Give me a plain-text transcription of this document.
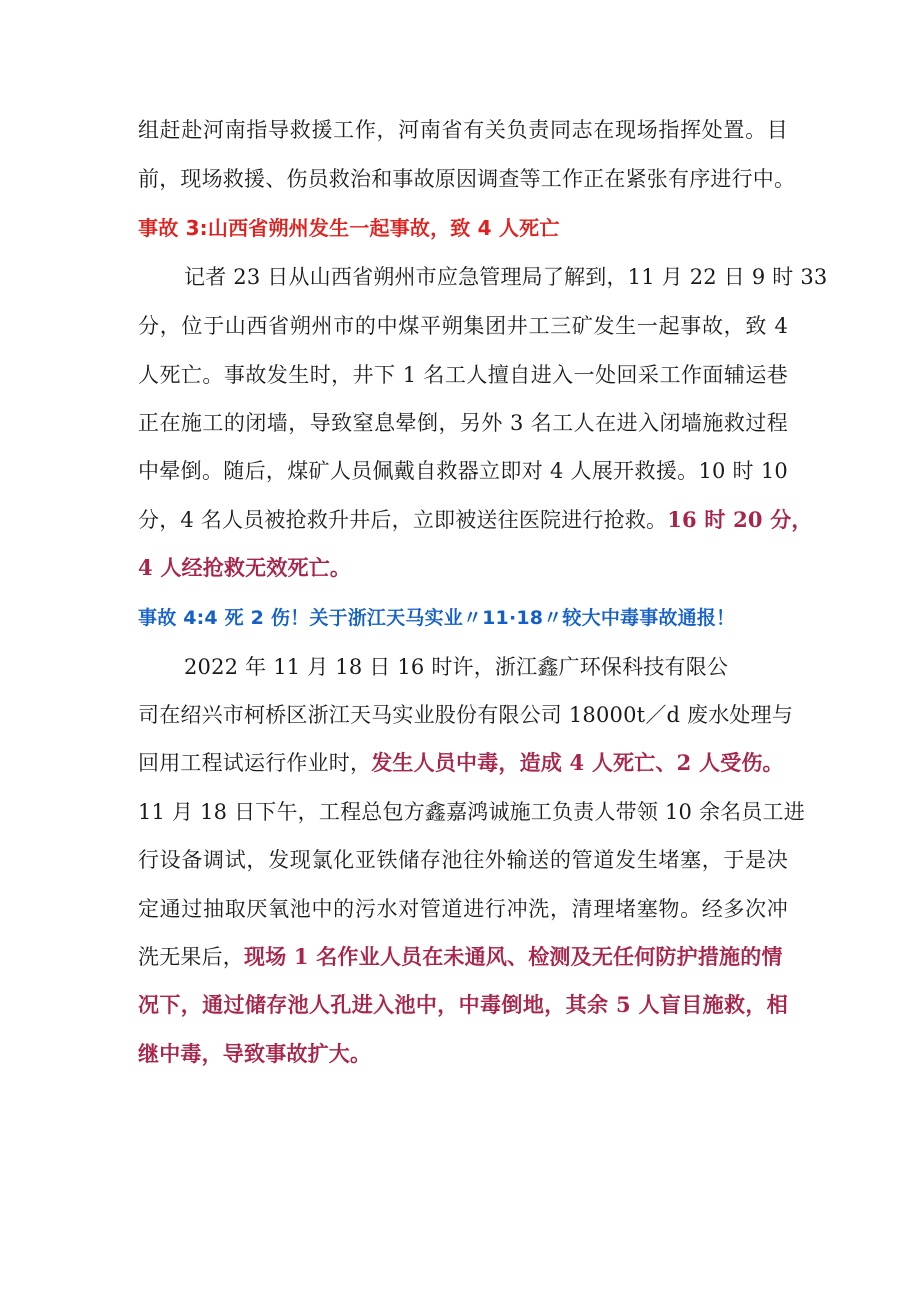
组赶赴河南指导救援工作，河南省有关负责同志在现场指挥处置。目
前，现场救援、伤员救治和事故原因调查等工作正在紧张有序进行中。
事故 3:山西省朔州发生一起事故，致 4 人死亡
记者 23 日从山西省朔州市应急管理局了解到，11 月 22 日 9 时 33
分，位于山西省朔州市的中煤平朔集团井工三矿发生一起事故，致 4
人死亡。事故发生时，井下 1 名工人擅自进入一处回采工作面辅运巷
正在施工的闭墙，导致窒息晕倒，另外 3 名工人在进入闭墙施救过程
中晕倒。随后，煤矿人员佩戴自救器立即对 4 人展开救援。10 时 10
分，4 名人员被抢救升井后，立即被送往医院进行抢救。16 时 20 分，
4 人经抢救无效死亡。
事故 4:4 死 2 伤！关于浙江天马实业〃11·18〃较大中毒事故通报！
2022 年 11 月 18 日 16 时许，浙江鑫广环保科技有限公
司在绍兴市柯桥区浙江天马实业股份有限公司 18000t／d 废水处理与
回用工程试运行作业时，发生人员中毒，造成 4 人死亡、2 人受伤。
11 月 18 日下午，工程总包方鑫嘉鸿诚施工负责人带领 10 余名员工进
行设备调试，发现氯化亚铁储存池往外输送的管道发生堵塞，于是决
定通过抽取厌氧池中的污水对管道进行冲洗，清理堵塞物。经多次冲
洗无果后，现场 1 名作业人员在未通风、检测及无任何防护措施的情
况下，通过储存池人孔进入池中，中毒倒地，其余 5 人盲目施救，相
继中毒，导致事故扩大。
